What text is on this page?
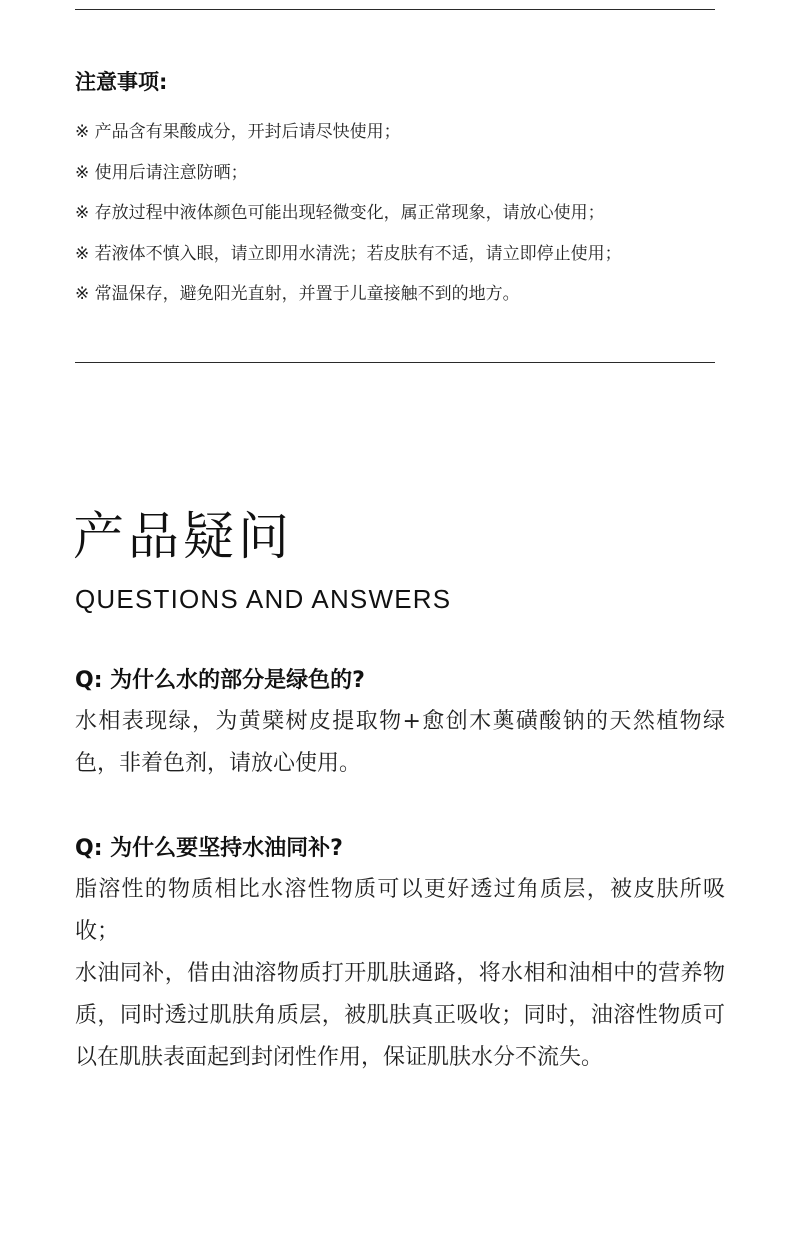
注意事项:
※ 产品含有果酸成分，开封后请尽快使用；
※ 使用后请注意防晒；
※ 存放过程中液体颜色可能出现轻微变化，属正常现象，请放心使用；
※ 若液体不慎入眼，请立即用水清洗；若皮肤有不适，请立即停止使用；
※ 常温保存，避免阳光直射，并置于儿童接触不到的地方。
产品疑问
QUESTIONS AND ANSWERS
Q: 为什么水的部分是绿色的?

水相表现绿，为黄檗树皮提取物+愈创木薁磺酸钠的天然植物绿色，非着色剂，请放心使用。

Q: 为什么要坚持水油同补?

脂溶性的物质相比水溶性物质可以更好透过角质层，被皮肤所吸收；

水油同补，借由油溶物质打开肌肤通路，将水相和油相中的营养物质，同时透过肌肤角质层，被肌肤真正吸收；同时，油溶性物质可以在肌肤表面起到封闭性作用，保证肌肤水分不流失。
